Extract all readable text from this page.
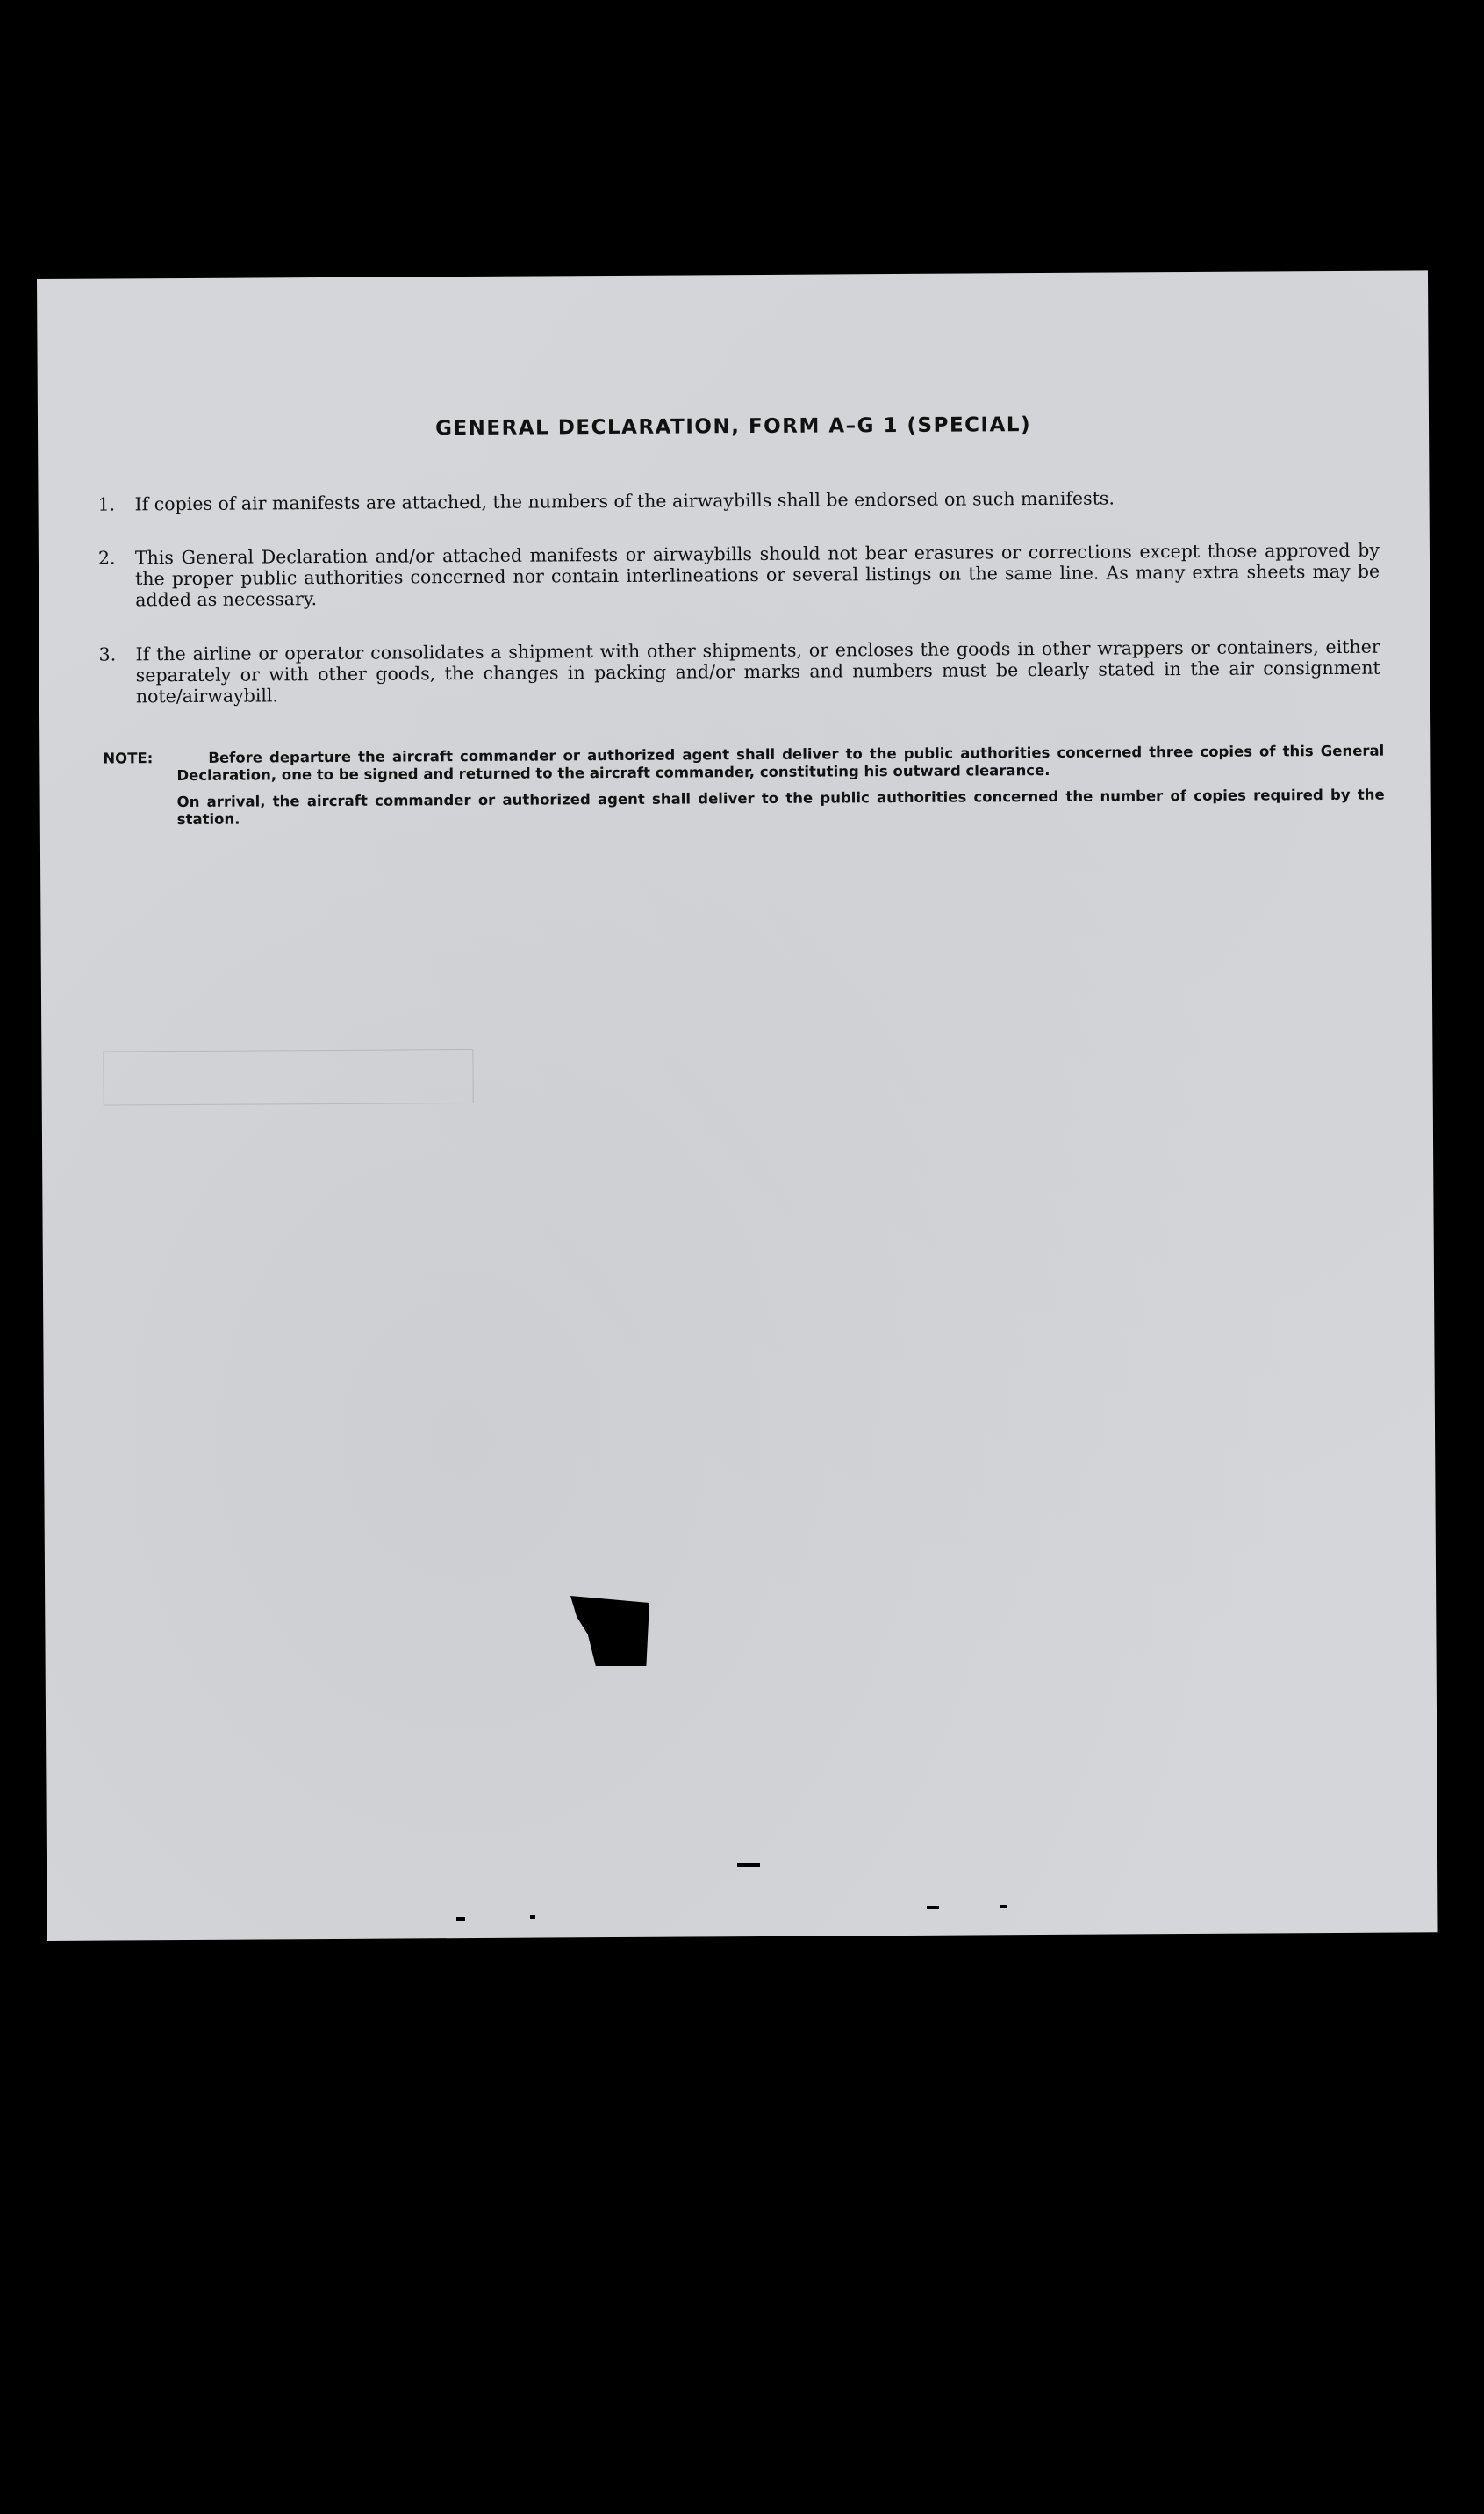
GENERAL DECLARATION, FORM A–G 1 (SPECIAL)
1.	If copies of air manifests are attached, the numbers of the airwaybills shall be endorsed on such manifests.
2.	This General Declaration and/or attached manifests or airwaybills should not bear erasures or corrections except those approved by the proper public authorities concerned nor contain interlineations or several listings on the same line. As many extra sheets may be added as necessary.
3.	If the airline or operator consolidates a shipment with other shipments, or encloses the goods in other wrappers or containers, either separately or with other goods, the changes in packing and/or marks and numbers must be clearly stated in the air consignment note/airwaybill.
NOTE:	Before departure the aircraft commander or authorized agent shall deliver to the public authorities concerned three copies of this General Declaration, one to be signed and returned to the aircraft commander, constituting his outward clearance.
On arrival, the aircraft commander or authorized agent shall deliver to the public authorities concerned the number of copies required by the station.
